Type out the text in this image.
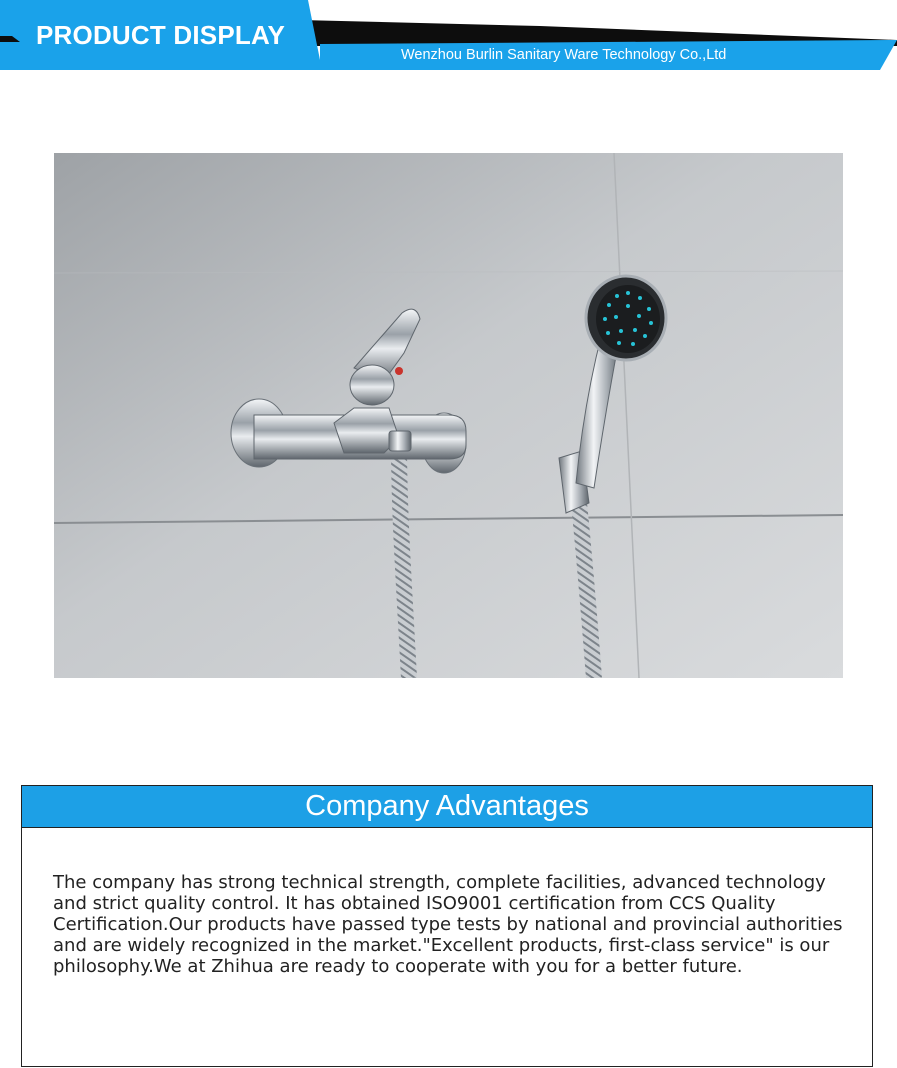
PRODUCT DISPLAY
Wenzhou Burlin Sanitary Ware Technology Co.,Ltd
Company Advantages

The company has strong technical strength, complete facilities, advanced technology and strict quality control. It has obtained ISO9001 certification from CCS Quality Certification.Our products have passed type tests by national and provincial authorities and are widely recognized in the market."Excellent products, first-class service" is our philosophy.We at Zhihua are ready to cooperate with you for a better future.
